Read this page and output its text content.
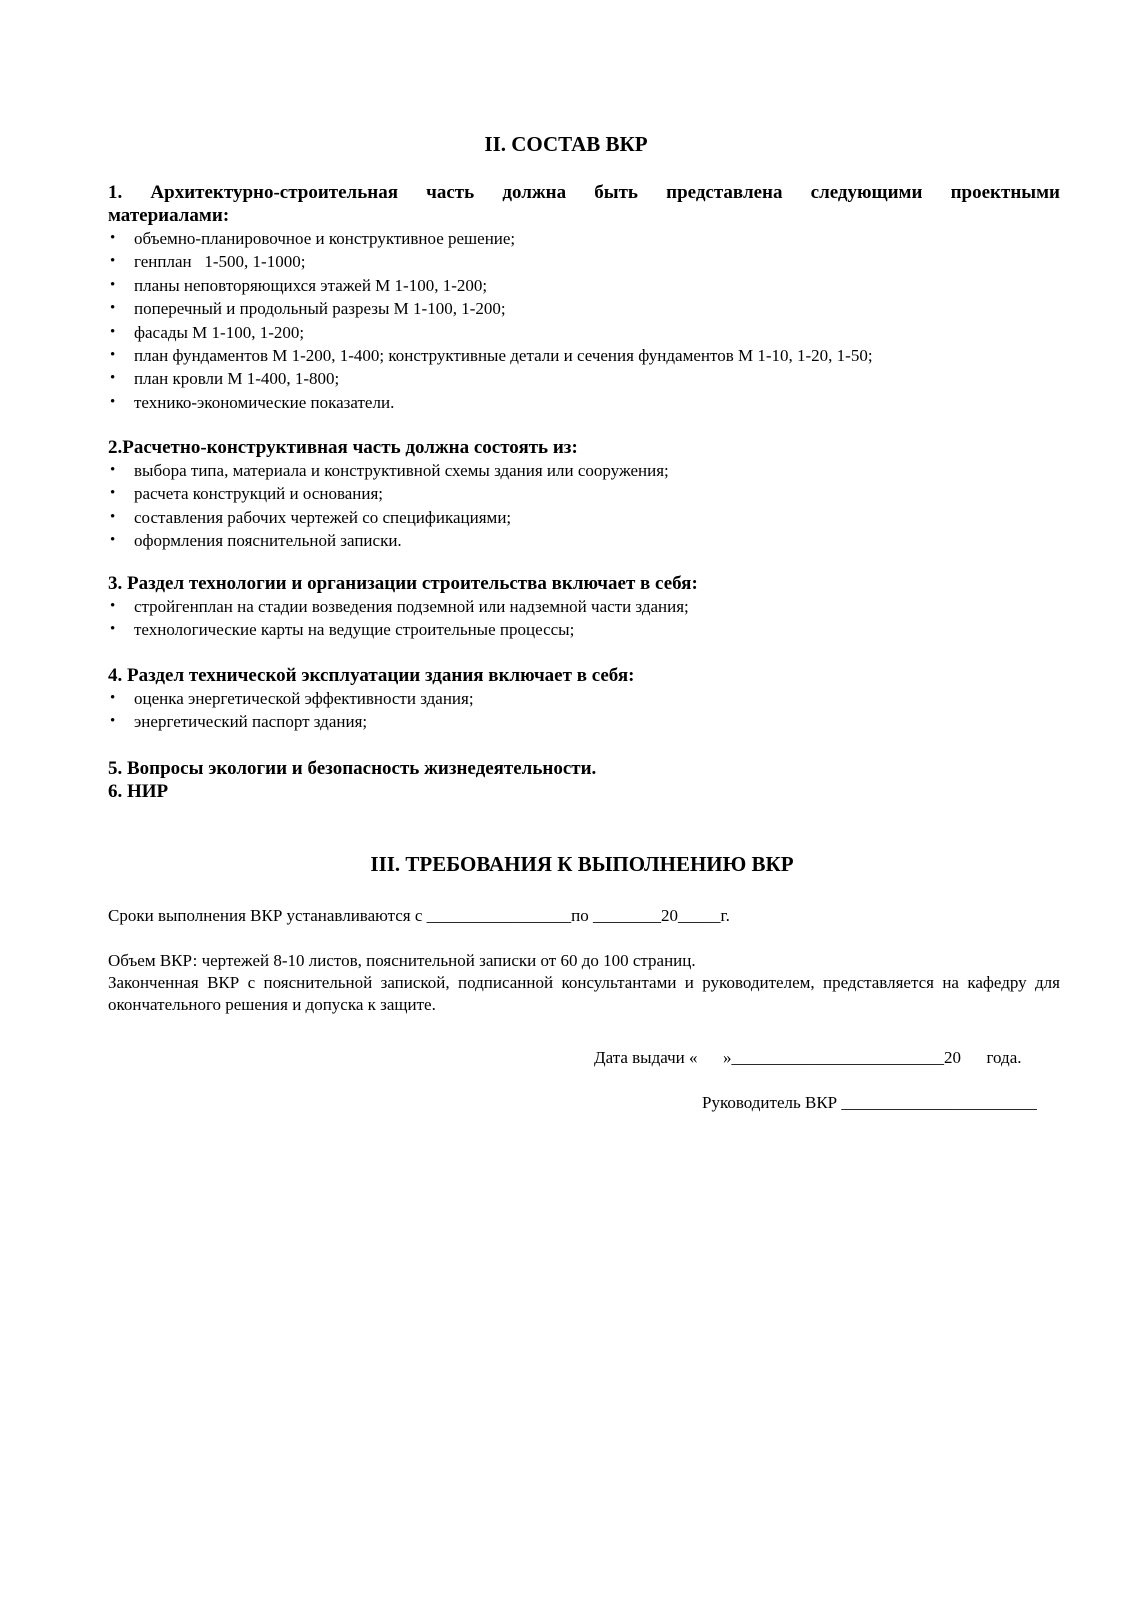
II. СОСТАВ ВКР

1. Архитектурно-строительная часть должна быть представлена следующими проектными

материалами:

• объемно-планировочное и конструктивное решение;
• генплан   1-500, 1-1000;
• планы неповторяющихся этажей М 1-100, 1-200;
• поперечный и продольный разрезы М 1-100, 1-200;
• фасады М 1-100, 1-200;
• план фундаментов М 1-200, 1-400; конструктивные детали и сечения фундаментов М 1-10, 1-20, 1-50;
• план кровли М 1-400, 1-800;
• технико-экономические показатели.

2.Расчетно-конструктивная часть должна состоять из:

• выбора типа, материала и конструктивной схемы здания или сооружения;
• расчета конструкций и основания;
• составления рабочих чертежей со спецификациями;
• оформления пояснительной записки.

3. Раздел технологии и организации строительства включает в себя:

• стройгенплан на стадии возведения подземной или надземной части здания;
• технологические карты на ведущие строительные процессы;

4. Раздел технической эксплуатации здания включает в себя:

• оценка энергетической эффективности здания;
• энергетический паспорт здания;

5. Вопросы экологии и безопасность жизнедеятельности.

6. НИР

III. ТРЕБОВАНИЯ К ВЫПОЛНЕНИЮ ВКР
Сроки выполнения ВКР устанавливаются с _________________по ________20_____г.
Объем ВКР: чертежей 8-10 листов, пояснительной записки от 60 до 100 страниц.
Законченная ВКР с пояснительной запиской, подписанной консультантами и руководителем, представляется на кафедру для окончательного решения и допуска к защите.
Дата выдачи «      »_________________________20      года.
Руководитель ВКР _______________________
